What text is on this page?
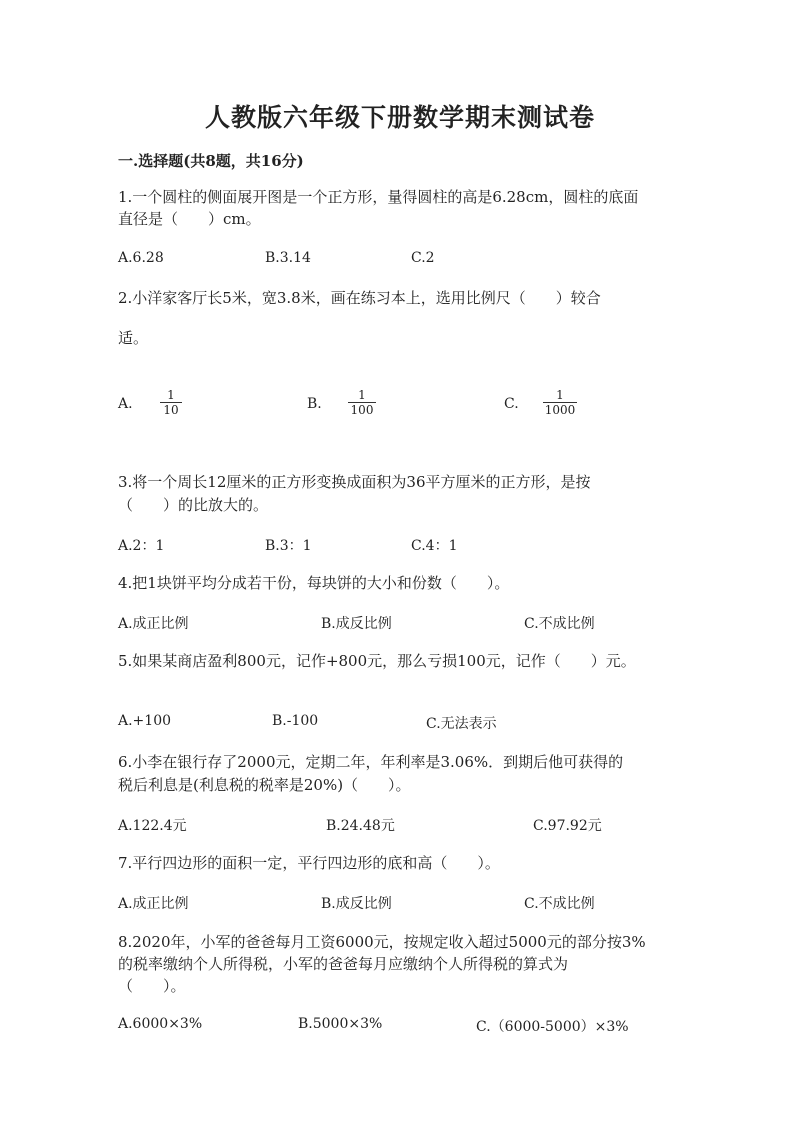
人教版六年级下册数学期末测试卷
一.选择题(共8题，共16分)
1.一个圆柱的侧面展开图是一个正方形，量得圆柱的高是6.28cm，圆柱的底面
直径是（　　）cm。
A.6.28	B.3.14	C.2
2.小洋家客厅长5米，宽3.8米，画在练习本上，选用比例尺（　　）较合
适。
A.
1
10	B.
1
100	C.
1
1000
3.将一个周长12厘米的正方形变换成面积为36平方厘米的正方形，是按
（　　）的比放大的。
A.2：1	B.3：1	C.4：1
4.把1块饼平均分成若干份，每块饼的大小和份数（　　）。
A.成正比例	B.成反比例	C.不成比例
5.如果某商店盈利800元，记作+800元，那么亏损100元，记作（　　）元。
A.+100	B.-100	C.无法表示
6.小李在银行存了2000元，定期二年，年利率是3.06%．到期后他可获得的
税后利息是(利息税的税率是20%)（　　）。
A.122.4元	B.24.48元	C.97.92元
7.平行四边形的面积一定，平行四边形的底和高（　　）。
A.成正比例	B.成反比例	C.不成比例
8.2020年，小军的爸爸每月工资6000元，按规定收入超过5000元的部分按3%
的税率缴纳个人所得税，小军的爸爸每月应缴纳个人所得税的算式为
（　　）。
A.6000×3%	B.5000×3%	C.（6000-5000）×3%
